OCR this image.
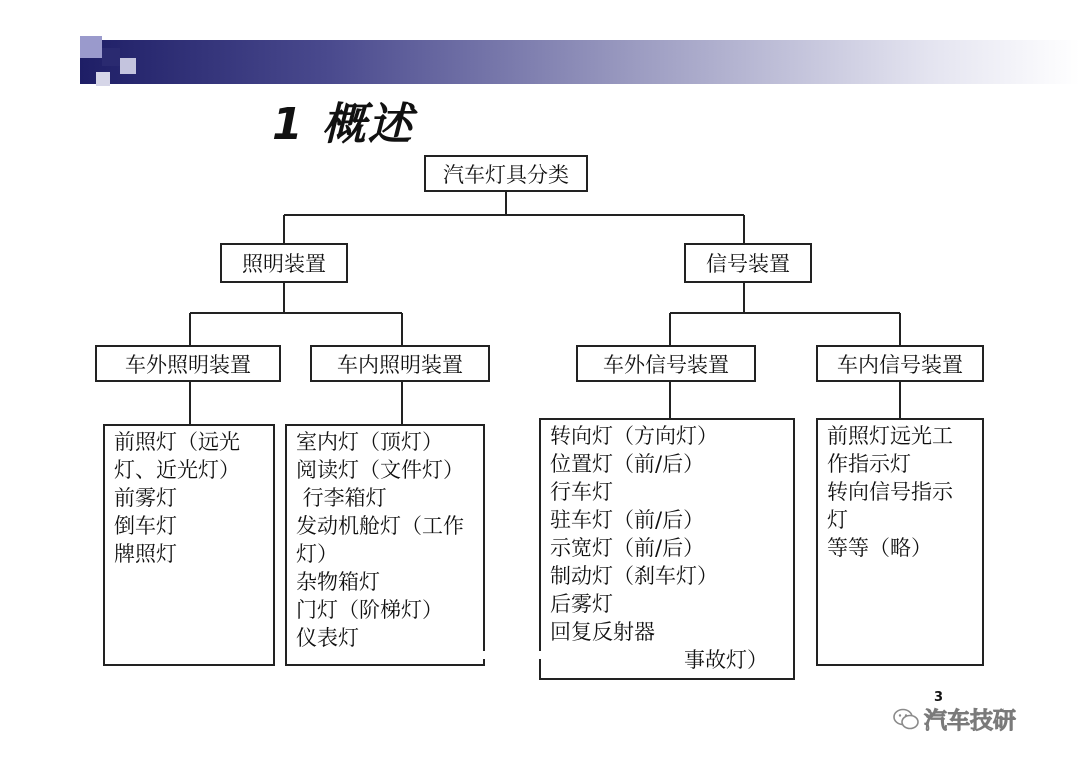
1 概述
汽车灯具分类
照明装置	信号装置
车外照明装置	车内照明装置	车外信号装置	车内信号装置
前照灯（远光
灯、近光灯）
前雾灯
倒车灯
牌照灯
室内灯（顶灯）
阅读灯（文件灯）
行李箱灯
发动机舱灯（工作
灯）
杂物箱灯
门灯（阶梯灯）
仪表灯
转向灯（方向灯）
位置灯（前/后）
行车灯
驻车灯（前/后）
示宽灯（前/后）
制动灯（刹车灯）
后雾灯
回复反射器
事故灯）
前照灯远光工
作指示灯
转向信号指示
灯
等等（略）
3
汽车技研
